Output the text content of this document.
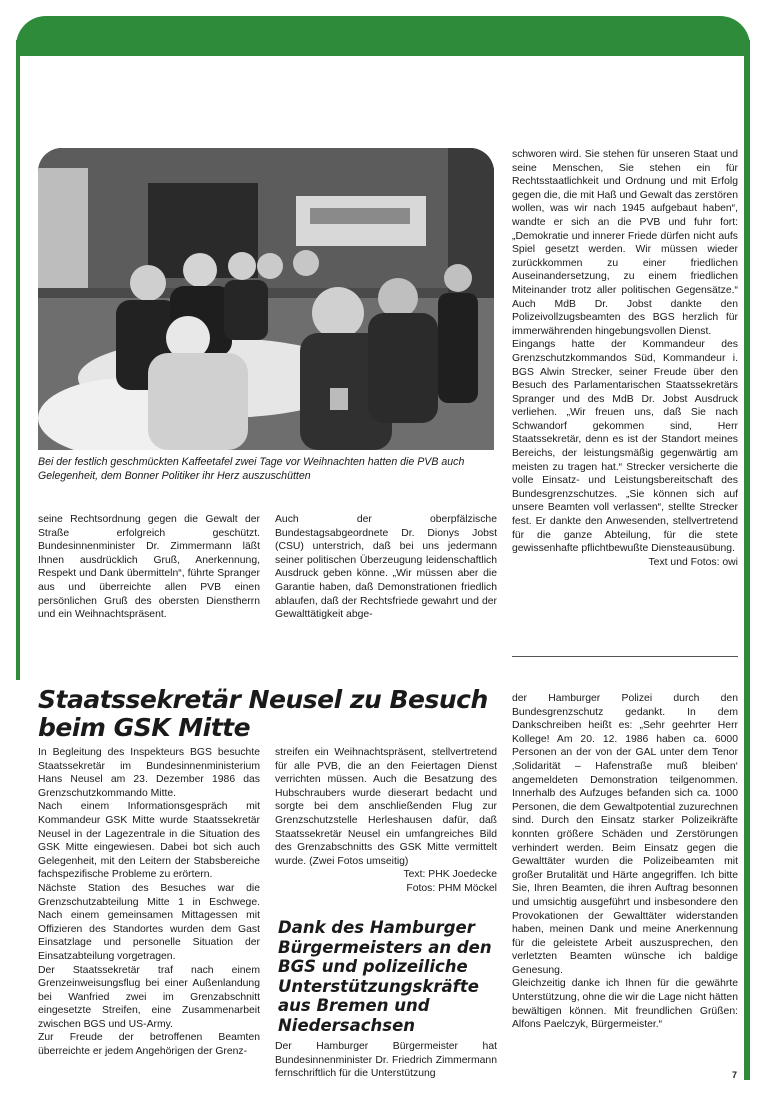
Bei der festlich geschmückten Kaffeetafel zwei Tage vor Weihnachten hatten die PVB auch Gelegenheit, dem Bonner Politiker ihr Herz auszuschütten

seine Rechtsordnung gegen die Gewalt der Straße erfolgreich geschützt. Bundesinnenminister Dr. Zimmermann läßt Ihnen ausdrücklich Gruß, Anerkennung, Respekt und Dank übermitteln“, führte Spranger aus und überreichte allen PVB einen persönlichen Gruß des obersten Dienstherrn und ein Weihnachtspräsent.

Auch der oberpfälzische Bundestagsabgeordnete Dr. Dionys Jobst (CSU) unterstrich, daß bei uns jedermann seiner politischen Überzeugung leidenschaftlich Ausdruck geben könne. „Wir müssen aber die Garantie haben, daß Demonstrationen friedlich ablaufen, daß der Rechtsfriede gewahrt und der Gewalttätigkeit abge-

schworen wird. Sie stehen für unseren Staat und seine Menschen, Sie stehen ein für Rechtsstaatlichkeit und Ordnung und mit Erfolg gegen die, die mit Haß und Gewalt das zerstören wollen, was wir nach 1945 aufgebaut haben“, wandte er sich an die PVB und fuhr fort: „Demokratie und innerer Friede dürfen nicht aufs Spiel gesetzt werden. Wir müssen wieder zurückkommen zu einer friedlichen Auseinandersetzung, zu einem friedlichen Miteinander trotz aller politischen Gegensätze.“ Auch MdB Dr. Jobst dankte den Polizeivollzugsbeamten des BGS herzlich für immerwährenden hingebungsvollen Dienst.

Eingangs hatte der Kommandeur des Grenzschutzkommandos Süd, Kommandeur i. BGS Alwin Strecker, seiner Freude über den Besuch des Parlamentarischen Staatssekretärs Spranger und des MdB Dr. Jobst Ausdruck verliehen. „Wir freuen uns, daß Sie nach Schwandorf gekommen sind, Herr Staatssekretär, denn es ist der Standort meines Bereichs, der leistungsmäßig gegenwärtig am meisten zu tragen hat.“ Strecker versicherte die volle Einsatz- und Leistungsbereitschaft des Bundesgrenzschutzes. „Sie können sich auf unsere Beamten voll verlassen“, stellte Strecker fest. Er dankte den Anwesenden, stellvertretend für die ganze Abteilung, für die stete gewissenhafte pflichtbewußte Diensteausübung.

Text und Fotos: owi

Staatssekretär Neusel zu Besuch
beim GSK Mitte

In Begleitung des Inspekteurs BGS besuchte Staatssekretär im Bundesinnenministerium Hans Neusel am 23. Dezember 1986 das Grenzschutzkommando Mitte.

Nach einem Informationsgespräch mit Kommandeur GSK Mitte wurde Staatssekretär Neusel in der Lagezentrale in die Situation des GSK Mitte eingewiesen. Dabei bot sich auch Gelegenheit, mit den Leitern der Stabsbereiche fachspezifische Probleme zu erörtern.

Nächste Station des Besuches war die Grenzschutzabteilung Mitte 1 in Eschwege. Nach einem gemeinsamen Mittagessen mit Offizieren des Standortes wurden dem Gast Einsatzlage und personelle Situation der Einsatzabteilung vorgetragen.

Der Staatssekretär traf nach einem Grenzeinweisungsflug bei einer Außenlandung bei Wanfried zwei im Grenzabschnitt eingesetzte Streifen, eine Zusammenarbeit zwischen BGS und US-Army.

Zur Freude der betroffenen Beamten überreichte er jedem Angehörigen der Grenz-

streifen ein Weihnachtspräsent, stellvertretend für alle PVB, die an den Feiertagen Dienst verrichten müssen. Auch die Besatzung des Hubschraubers wurde dieserart bedacht und sorgte bei dem anschließenden Flug zur Grenzschutzstelle Herleshausen dafür, daß Staatssekretär Neusel ein umfangreiches Bild des Grenzabschnitts des GSK Mitte vermittelt wurde. (Zwei Fotos umseitig)

Text: PHK Joedecke
Fotos: PHM Möckel
Dank des Hamburger Bürgermeisters an den BGS und polizeiliche Unterstützungskräfte aus Bremen und Niedersachsen

Der Hamburger Bürgermeister hat Bundesinnenminister Dr. Friedrich Zimmermann fernschriftlich für die Unterstützung

der Hamburger Polizei durch den Bundesgrenzschutz gedankt. In dem Dankschreiben heißt es: „Sehr geehrter Herr Kollege! Am 20. 12. 1986 haben ca. 6000 Personen an der von der GAL unter dem Tenor ‚Solidarität – Hafenstraße muß bleiben‘ angemeldeten Demonstration teilgenommen. Innerhalb des Aufzuges befanden sich ca. 1000 Personen, die dem Gewaltpotential zuzurechnen sind. Durch den Einsatz starker Polizeikräfte konnten größere Schäden und Zerstörungen verhindert werden. Beim Einsatz gegen die Gewalttäter wurden die Polizeibeamten mit großer Brutalität und Härte angegriffen. Ich bitte Sie, Ihren Beamten, die ihren Auftrag besonnen und umsichtig ausgeführt und insbesondere den Provokationen der Gewalttäter widerstanden haben, meinen Dank und meine Anerkennung für die geleistete Arbeit auszusprechen, den verletzten Beamten wünsche ich baldige Genesung.

Gleichzeitig danke ich Ihnen für die gewährte Unterstützung, ohne die wir die Lage nicht hätten bewältigen können. Mit freundlichen Grüßen: Alfons Paelczyk, Bürgermeister.“

7
